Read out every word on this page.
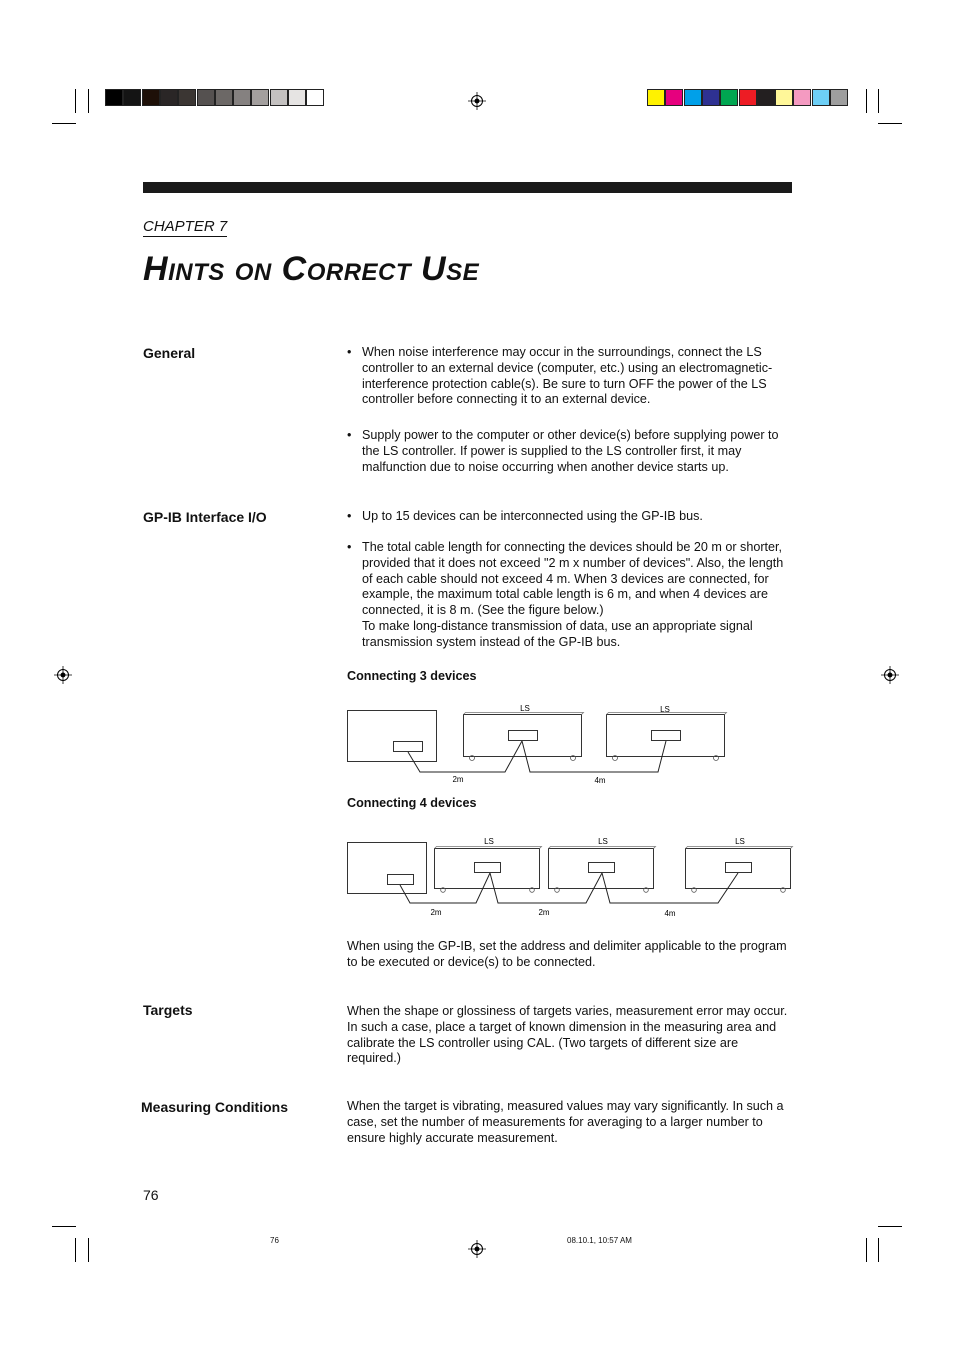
CHAPTER 7
HINTS ON CORRECT USE
General	• When noise interference may occur in the surroundings, connect the LS controller to an external device (computer, etc.) using an electromagnetic-interference protection cable(s). Be sure to turn OFF the power of the LS controller before connecting it to an external device.
• Supply power to the computer or other device(s) before supplying power to the LS controller. If power is supplied to the LS controller first, it may malfunction due to noise occurring when another device starts up.
GP-IB Interface I/O	• Up to 15 devices can be interconnected using the GP-IB bus.
• The total cable length for connecting the devices should be 20 m or shorter, provided that it does not exceed "2 m x number of devices". Also, the length of each cable should not exceed 4 m. When 3 devices are connected, for example, the maximum total cable length is 6 m, and when 4 devices are connected, it is 8 m. (See the figure below.)
To make long-distance transmission of data, use an appropriate signal transmission system instead of the GP-IB bus.
Connecting 3 devices
LS	LS
2m	4m
Connecting 4 devices
LS	LS	LS
2m	2m	4m
When using the GP-IB, set the address and delimiter applicable to the program to be executed or device(s) to be connected.
Targets	When the shape or glossiness of targets varies, measurement error may occur. In such a case, place a target of known dimension in the measuring area and calibrate the LS controller using CAL. (Two targets of different size are required.)
Measuring Conditions	When the target is vibrating, measured values may vary significantly. In such a case, set the number of measurements for averaging to a larger number to ensure highly accurate measurement.
76
76	08.10.1, 10:57 AM
